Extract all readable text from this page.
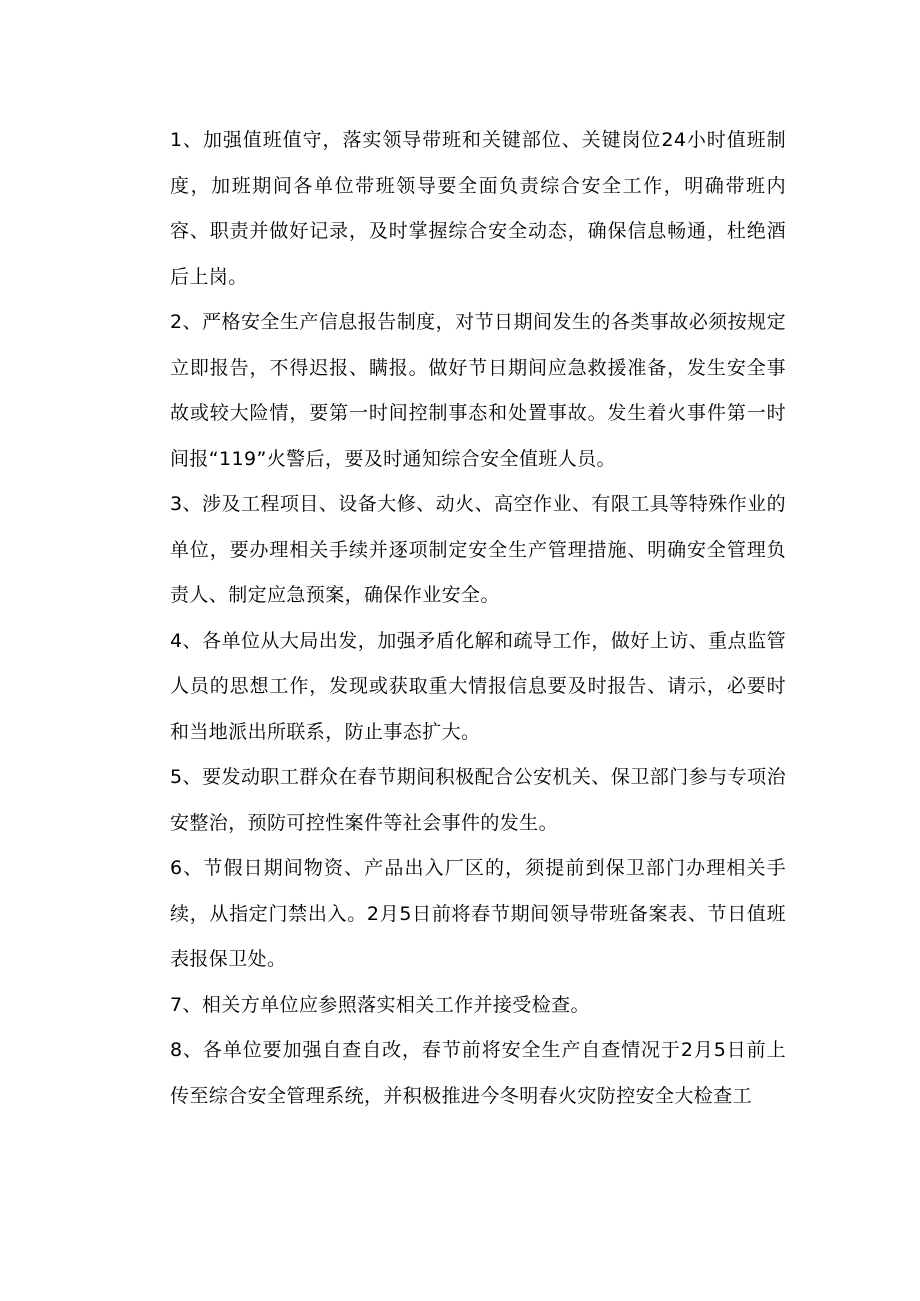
1、加强值班值守，落实领导带班和关键部位、关键岗位24小时值班制度，加班期间各单位带班领导要全面负责综合安全工作，明确带班内容、职责并做好记录，及时掌握综合安全动态，确保信息畅通，杜绝酒后上岗。

2、严格安全生产信息报告制度，对节日期间发生的各类事故必须按规定立即报告，不得迟报、瞒报。做好节日期间应急救援准备，发生安全事故或较大险情，要第一时间控制事态和处置事故。发生着火事件第一时间报“119”火警后，要及时通知综合安全值班人员。

3、涉及工程项目、设备大修、动火、高空作业、有限工具等特殊作业的单位，要办理相关手续并逐项制定安全生产管理措施、明确安全管理负责人、制定应急预案，确保作业安全。

4、各单位从大局出发，加强矛盾化解和疏导工作，做好上访、重点监管人员的思想工作，发现或获取重大情报信息要及时报告、请示，必要时和当地派出所联系，防止事态扩大。

5、要发动职工群众在春节期间积极配合公安机关、保卫部门参与专项治安整治，预防可控性案件等社会事件的发生。

6、节假日期间物资、产品出入厂区的，须提前到保卫部门办理相关手续，从指定门禁出入。2月5日前将春节期间领导带班备案表、节日值班表报保卫处。

7、相关方单位应参照落实相关工作并接受检查。

8、各单位要加强自查自改，春节前将安全生产自查情况于2月5日前上传至综合安全管理系统，并积极推进今冬明春火灾防控安全大检查工
